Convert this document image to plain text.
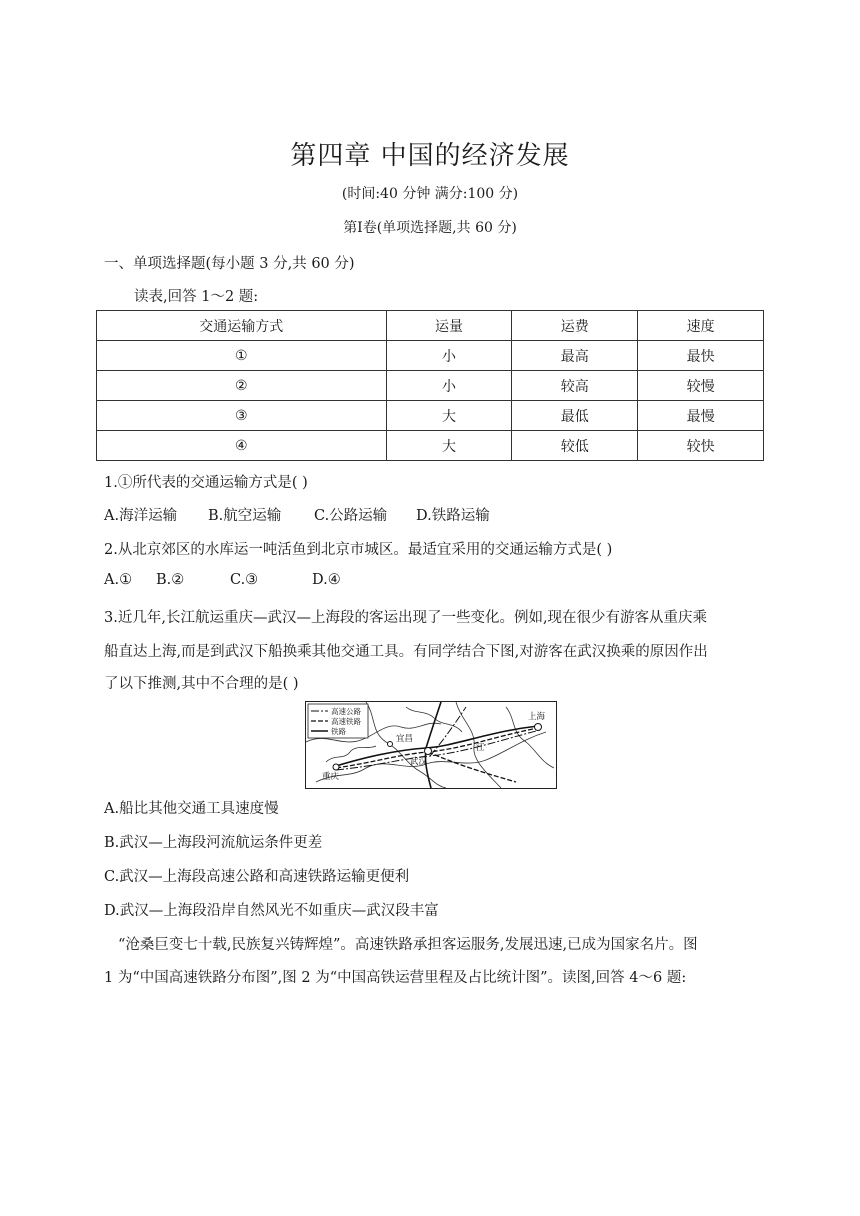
第四章 中国的经济发展
(时间:40 分钟 满分:100 分)
第Ⅰ卷(单项选择题,共 60 分)
一、单项选择题(每小题 3 分,共 60 分)
读表,回答 1～2 题:
交通运输方式	运量	运费	速度
①	小	最高	最快
②	小	较高	较慢
③	大	最低	最慢
④	大	较低	较快
1.①所代表的交通运输方式是( )
A.海洋运输 B.航空运输 C.公路运输 D.铁路运输
2.从北京郊区的水库运一吨活鱼到北京市城区。最适宜采用的交通运输方式是( )
A.① B.②	C.③	D.④
3.近几年,长江航运重庆—武汉—上海段的客运出现了一些变化。例如,现在很少有游客从重庆乘
船直达上海,而是到武汉下船换乘其他交通工具。有同学结合下图,对游客在武汉换乘的原因作出
了以下推测,其中不合理的是( )
高速公路
高速铁路
铁路
重庆
宜昌
武汉
上海
江
A.船比其他交通工具速度慢
B.武汉—上海段河流航运条件更差
C.武汉—上海段高速公路和高速铁路运输更便利
D.武汉—上海段沿岸自然风光不如重庆—武汉段丰富
“沧桑巨变七十载,民族复兴铸辉煌”。高速铁路承担客运服务,发展迅速,已成为国家名片。图
1 为“中国高速铁路分布图”,图 2 为“中国高铁运营里程及占比统计图”。读图,回答 4～6 题:
